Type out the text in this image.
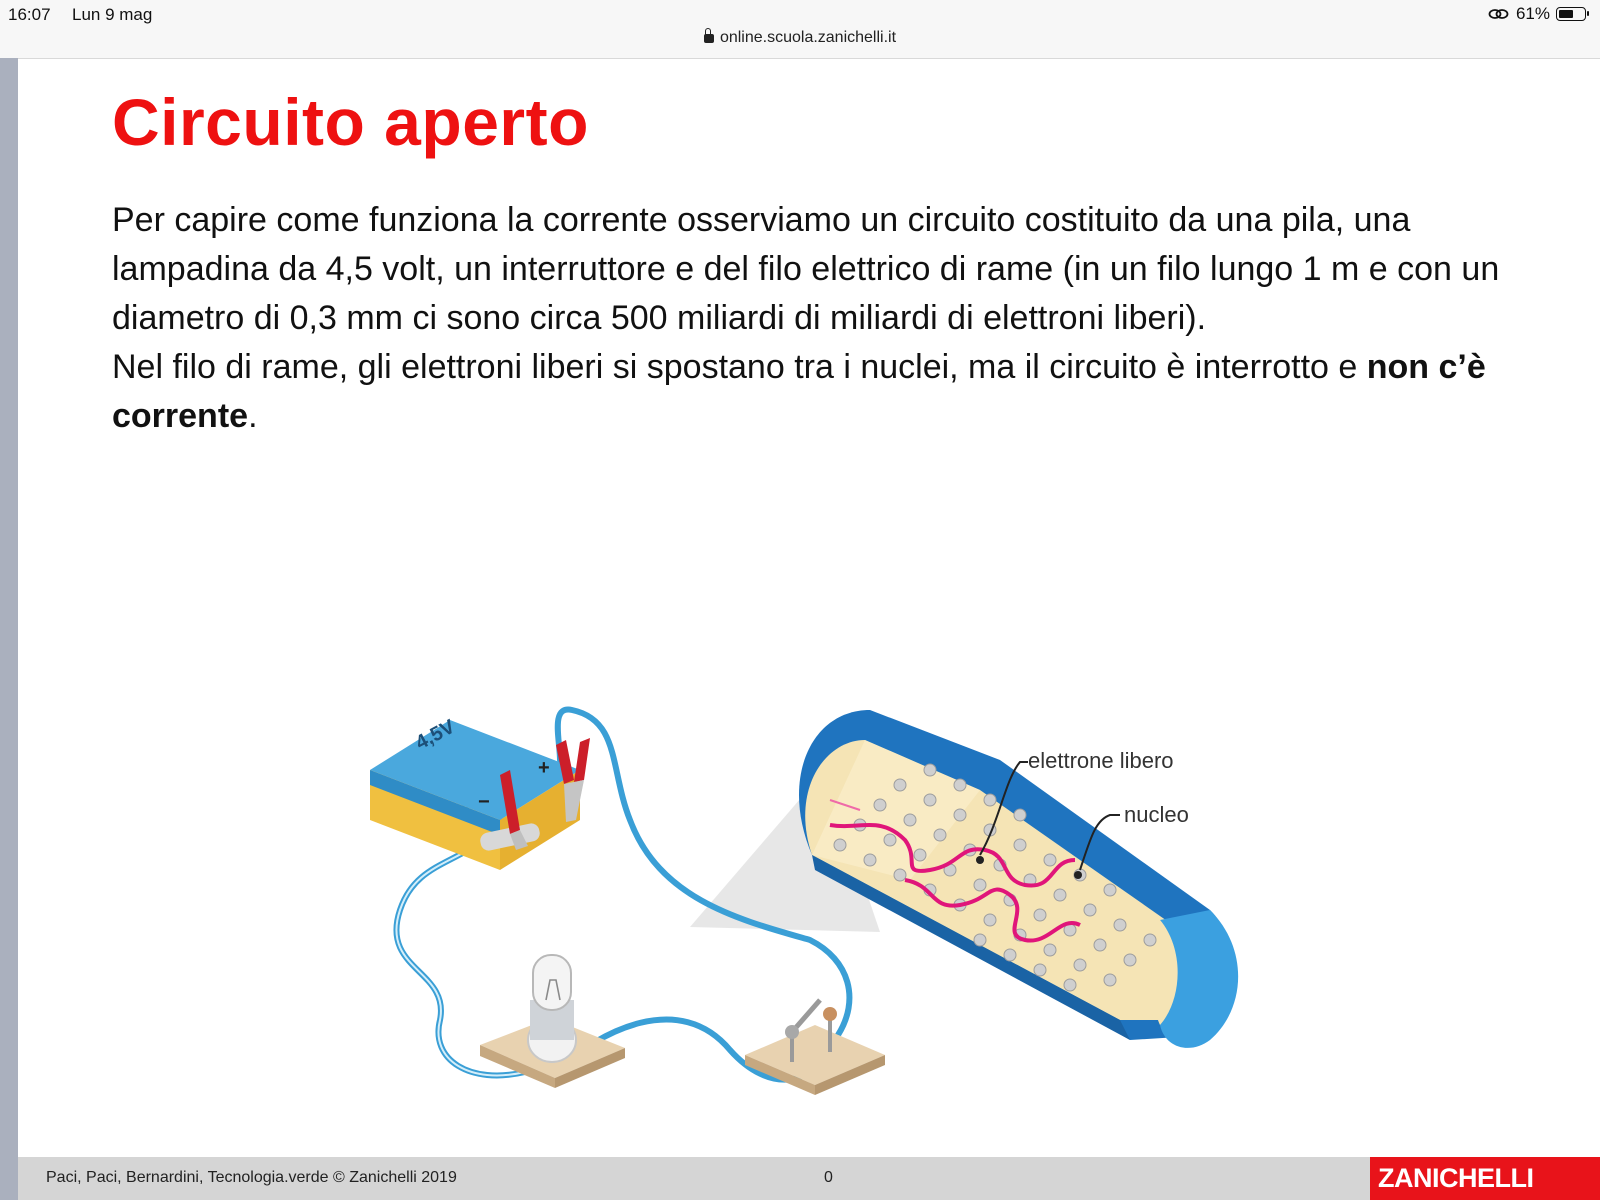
16:07 Lun 9 mag	61%
online.scuola.zanichelli.it
Circuito aperto

Per capire come funziona la corrente osserviamo un circuito costituito da una pila, una lampadina da 4,5 volt, un interruttore e del filo elettrico di rame (in un filo lungo 1 m e con un diametro di 0,3 mm ci sono circa 500 miliardi di miliardi di elettroni liberi).

Nel filo di rame, gli elettroni liberi si spostano tra i nuclei, ma il circuito è interrotto e non c’è corrente.

4,5V
+
−
elettrone libero
nucleo
Paci, Paci, Bernardini, Tecnologia.verde © Zanichelli 2019	0	ZANICHELLI
